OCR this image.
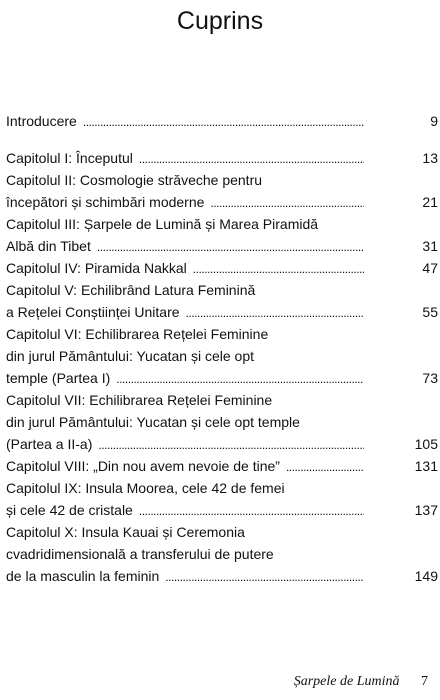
Cuprins
Introducere . . .	9
Capitolul I: Începutul . . .	13
Capitolul II: Cosmologie străveche pentru
începători și schimbări moderne . . .	21
Capitolul III: Șarpele de Lumină și Marea Piramidă
Albă din Tibet . . .	31
Capitolul IV: Piramida Nakkal . . .	47
Capitolul V: Echilibrând Latura Feminină
a Rețelei Conștiinței Unitare . . .	55
Capitolul VI: Echilibrarea Rețelei Feminine
din jurul Pământului: Yucatan și cele opt
temple (Partea I) . . .	73
Capitolul VII: Echilibrarea Rețelei Feminine
din jurul Pământului: Yucatan și cele opt temple
(Partea a II-a) . . .	105
Capitolul VIII: „Din nou avem nevoie de tine” . . .	131
Capitolul IX: Insula Moorea, cele 42 de femei
și cele 42 de cristale . . .	137
Capitolul X: Insula Kauai și Ceremonia
cvadridimensională a transferului de putere
de la masculin la feminin . . .	149
Șarpele de Lumină 7
